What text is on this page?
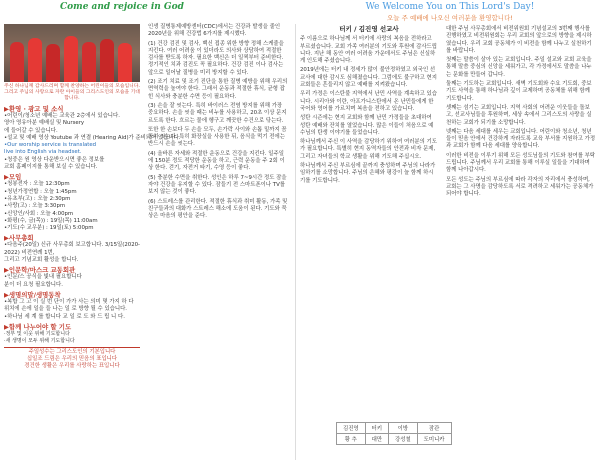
Come and rejoice in God	We Welcome You on This Lord's Day!
오늘 주 예배에 나오신 여러분을 환영합니다!
주신 하나님께 감사드리며 함께 찬양하는 어린이들의 모습입니다. 그리고 주님의 사랑으로 자란 아이들의 그리스도인의 모습을 기대합니다.
▶환영 · 광고 및 소식
•어린이/청소년 예배는 교육관 2층에서 있습니다.
영아 영유아분 예배실 및 Nursery
에 들어갈 수 있습니다.
•설교 및 예배 영상 Youtube 과 연결 (Hearing Aid)가 준비되어 있습니다.
•Our worship service is translated
live into English via headset.
•청중은 원 영상 다운받으시면 좋은 정보를
교회 홈페이지를 통해 보실 수 있습니다.
▶모임
•청봉전자 : 오늘 12:30pm
•청년가정연합 : 오늘 1:45pm
•유초부(고) : 오늘 2:30pm
•사랑(고) : 오늘 3:30pm
•신앙인/사회 : 오늘 4:00pm
•화평(수, 금(목)) : 19일(목) 11:00am
•기도(수 교우분) : 19일(토) 5:00pm
▶사무총회
•다음주(20일) 신규 사무총회 보고합니다. 3/15일(2020-2022) 비전연례 1번,
그리고 기념교회 활성을 합니다.
▶인문학/마스크 교동회관
•인문/스 공식을 빛내 필요합니다
분이 더 요청 필요합니다.
▶생명의말/생명동착
•복합 그 고 이 실 번 단이 가가 사는 의미 몇 가지 하 다 위치에 손에 일을 들 나는 일 로 방향 될 수 있습니다.
•하나님 세 계 를 합니다 교 일 로 도 와 드 립 니 다.
▶함께 나누어야 할 기도
·정부 및 이웃 위해 기도합니다
·새 생명이 모두 위해 기도합니다
주일성수는 그리스도인의 기본입니다
십일조 드림은 우리의 믿음의 표입니다
경건한 생활은 우리를 사랑하는 표입니다

인생 질병통제예방센터(CDC)에서는 건강과 발생을 줄인 2020년을 위해 건강법 6가지를 제시했다.

(1) 건강 검진 및 검사, 백신 접종 위한 방향 정해 스케줄을 지킨다. 여러 어려움 이 있더라도 의사와 상담하여 적절한 검사를 받도록 하자. 필요한 백신은 더 일찍부터 준비한다. 정기적인 치과 검진도 꼭 필요하다. 건강 검진 이나 검사는 앞으로 일어날 질병을 미리 방지할 수 있다.

(2) 조기 치료 및 조기 진단을 통한 질병 예방을 위해 우리의 면역력을 높여야 한다. 그래서 운동과 적절한 휴식, 균형 잡힌 식사와 충분한 수면 등이 필요하다.

(3) 손을 잘 씻는다. 특히 바이러스 전염 방지를 위해 가장 중요하다. 손을 씻을 때는 비누를 사용하고, 20초 이상 문지르도록 한다. 흐르는 물에 헹구고 깨끗한 수건으로 닦는다.

또한 한 손보다 두 손을 모두, 손가락 사이와 손톱 밑까지 꼼꼼히 씻는다. 특히 화장실을 사용한 뒤, 음식을 먹기 전에는 반드시 손을 씻는다.

(4) 올바른 자세와 적절한 운동으로 건강을 지킨다. 일주일에 150분 정도 적당한 운동을 하고, 근력 운동을 주 2회 이상 한다. 걷기, 자전거 타기, 수영 등이 좋다.

(5) 충분한 수면을 취한다. 성인은 하루 7~9시간 정도 잠을 자야 건강을 유지할 수 있다. 잠들기 전 스마트폰이나 TV를 보지 않는 것이 좋다.

(6) 스트레스를 관리한다. 적절한 휴식과 취미 활동, 가족 및 친구들과의 대화가 스트레스 해소에 도움이 된다. 기도와 묵상은 마음의 평안을 준다.

터키 / 김진영 선교사

주 이름으로 하나님께 서 터키에 사랑의 복음을 전하라고 부르셨습니다. 교회 가족 여러분의 기도와 후원에 감사드립니다. 지난 해 동안 여러 어려움 가운데서도 주님은 신실하게 인도해 주셨습니다.

2019년에는 터키 내 정세가 많이 불안정하였고 외국인 선교사에 대한 감시도 심해졌습니다. 그럼에도 불구하고 현지 교회들은 흔들리지 않고 예배를 지켜왔습니다.

우리 가정은 이스탄불 지역에서 난민 사역을 계속하고 있습니다. 시리아와 이란, 아프가니스탄에서 온 난민들에게 한국어와 영어를 가르치며 복음을 전하고 있습니다.

성탄 시즌에는 현지 교회와 함께 난민 가정들을 초대하여 성탄 예배와 잔치를 열었습니다. 많은 이들이 처음으로 예수님의 탄생 이야기를 들었습니다.

하나님께서 주신 이 사역을 감당하기 위하여 여러분의 기도가 필요합니다. 특별히 현지 동역자들의 안전과 비자 문제, 그리고 자녀들의 학교 생활을 위해 기도해 주십시오.

하나님께서 주신 부르심에 끝까지 충성하며 주님의 나라가 임하기를 소망합니다. 주님의 은혜와 평강이 늘 함께 하시기를 기도합니다.

김진영	터키	이방	잠관
황 추	대만	강성철	도미니카

대한 주님 사무총회에서 비전위원회 기념설교의 3번째 행사를 진행하였고 비전위원회는 우리 교회의 앞으로의 방향을 제시하였습니다. 우리 교회 공동체가 이 비전을 함께 나누고 실천하기를 바랍니다.

첫째는 말씀이 살아 있는 교회입니다. 주일 설교와 교회 교육을 통해 말씀 중심의 신앙을 세워가고, 각 가정에서도 말씀을 나누는 문화를 만들어 갑니다.

둘째는 기도하는 교회입니다. 새벽 기도회와 수요 기도회, 중보 기도 사역을 통해 하나님과 깊이 교제하며 공동체를 위해 함께 기도합니다.

셋째는 섬기는 교회입니다. 지역 사회의 어려운 이웃들을 돌보고, 선교사님들을 후원하며, 세상 속에서 그리스도의 사랑을 실천하는 교회가 되기를 소망합니다.

넷째는 다음 세대를 세우는 교회입니다. 어린이와 청소년, 청년들이 믿음 안에서 건강하게 자라도록 교육 부서를 지원하고 가정과 교회가 함께 다음 세대를 양육합니다.

이러한 비전을 이루기 위해 모든 성도님들의 기도와 참여를 부탁드립니다. 주님께서 우리 교회를 통해 이루실 일들을 기대하며 함께 나아갑시다.

모든 성도는 주님의 부르심에 따라 각자의 자리에서 충성하며, 교회는 그 사명을 감당하도록 서로 격려하고 세워가는 공동체가 되어야 합니다.
